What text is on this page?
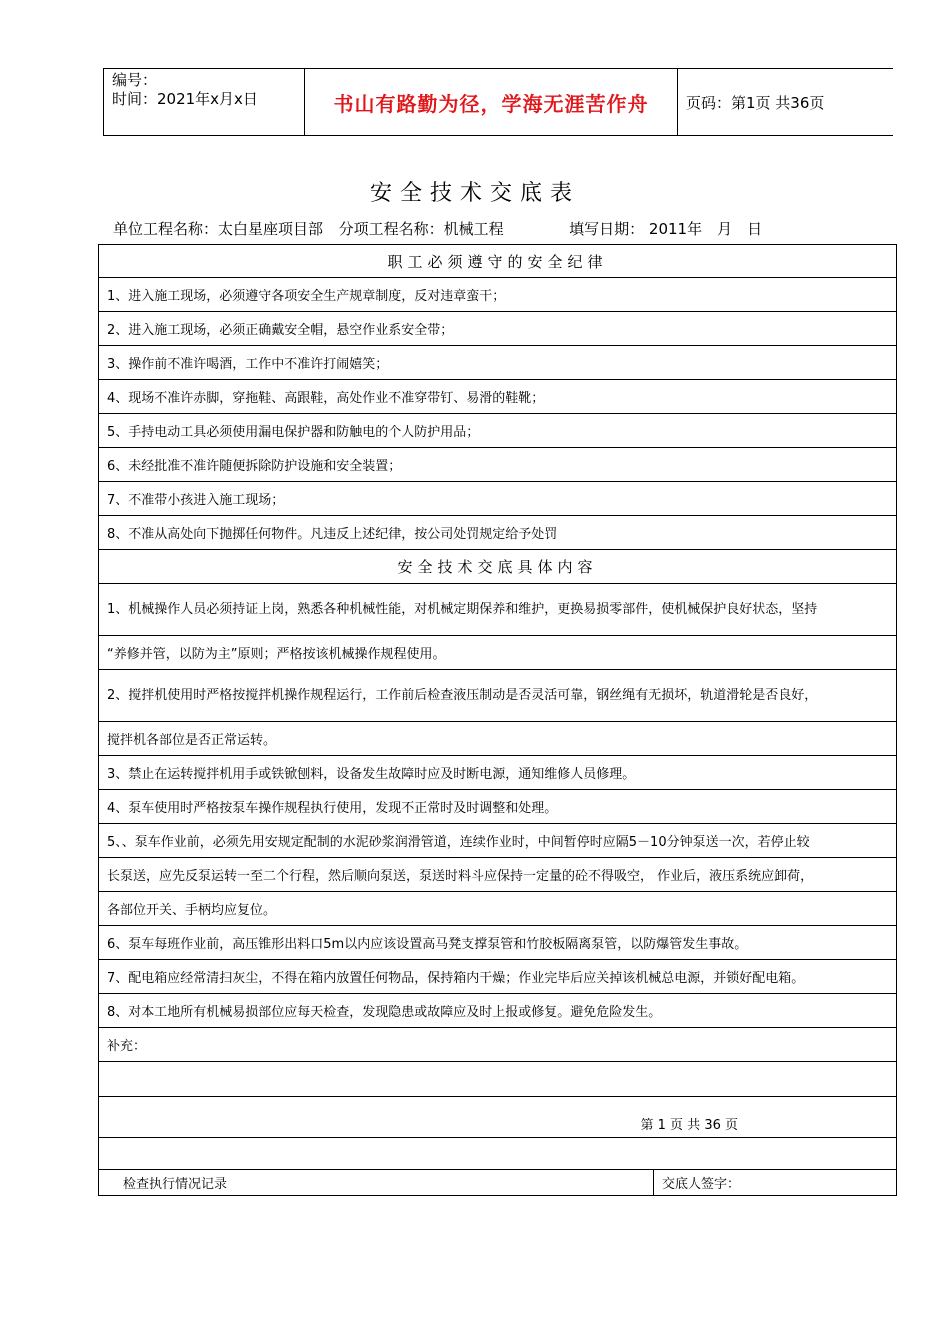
编号：
时间：2021年x月x日	书山有路勤为径，学海无涯苦作舟	页码：第1页 共36页
安全技术交底表
单位工程名称：太白星座项目部 分项工程名称：机械工程	填写日期： 2011年　月　日
职工必须遵守的安全纪律
1、进入施工现场，必须遵守各项安全生产规章制度，反对违章蛮干；
2、进入施工现场，必须正确戴安全帽，悬空作业系安全带；
3、操作前不准许喝酒，工作中不准许打闹嬉笑；
4、现场不准许赤脚，穿拖鞋、高跟鞋，高处作业不准穿带钉、易滑的鞋靴；
5、手持电动工具必须使用漏电保护器和防触电的个人防护用品；
6、未经批准不准许随便拆除防护设施和安全装置；
7、不准带小孩进入施工现场；
8、不准从高处向下抛掷任何物件。凡违反上述纪律，按公司处罚规定给予处罚
安全技术交底具体内容
1、机械操作人员必须持证上岗，熟悉各种机械性能，对机械定期保养和维护，更换易损零部件，使机械保护良好状态，坚持
“养修并管，以防为主”原则；严格按该机械操作规程使用。
2、搅拌机使用时严格按搅拌机操作规程运行，工作前后检查液压制动是否灵活可靠，钢丝绳有无损坏，轨道滑轮是否良好，
搅拌机各部位是否正常运转。
3、禁止在运转搅拌机用手或铁锨刨料，设备发生故障时应及时断电源，通知维修人员修理。
4、泵车使用时严格按泵车操作规程执行使用，发现不正常时及时调整和处理。
5、、泵车作业前，必须先用安规定配制的水泥砂浆润滑管道，连续作业时，中间暂停时应隔5－10分钟泵送一次，若停止较
长泵送，应先反泵运转一至二个行程，然后顺向泵送，泵送时料斗应保持一定量的砼不得吸空， 作业后，液压系统应卸荷，
各部位开关、手柄均应复位。
6、泵车每班作业前，高压锥形出料口5m以内应该设置高马凳支撑泵管和竹胶板隔离泵管，以防爆管发生事故。
7、配电箱应经常清扫灰尘，不得在箱内放置任何物品，保持箱内干燥；作业完毕后应关掉该机械总电源，并锁好配电箱。
8、对本工地所有机械易损部位应每天检查，发现隐患或故障应及时上报或修复。避免危险发生。
补充：

第 1 页 共 36 页

检查执行情况记录	交底人签字：
